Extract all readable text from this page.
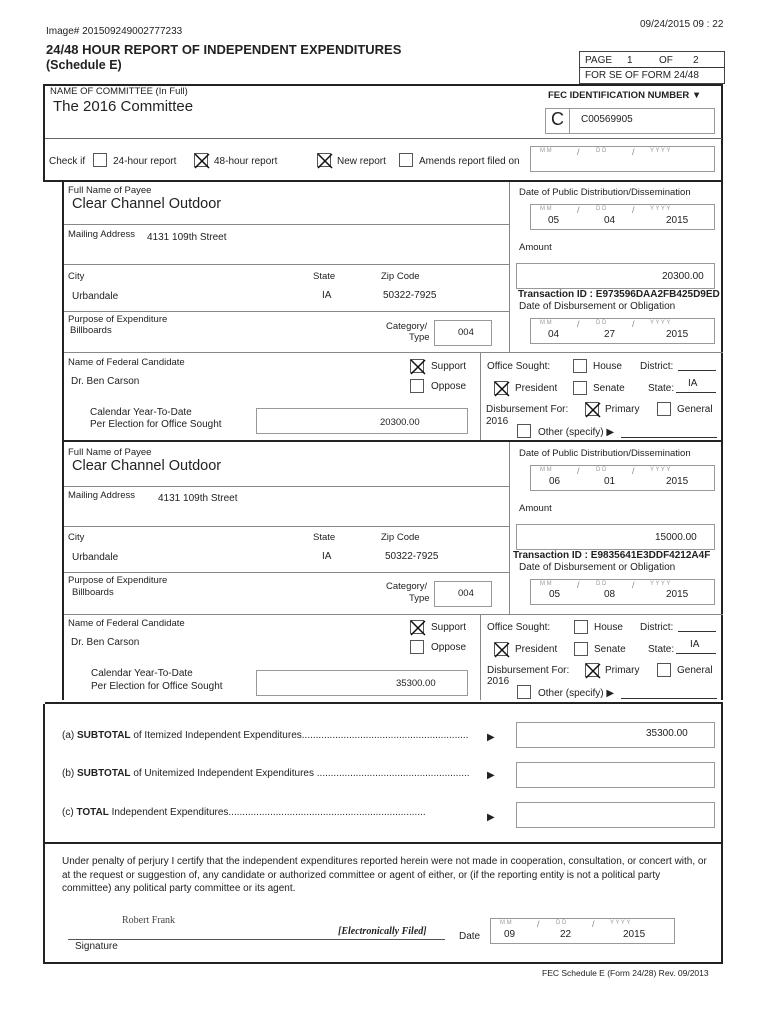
09/24/2015 09 : 22
Image# 201509249002777233
24/48 HOUR REPORT OF INDEPENDENT EXPENDITURES
(Schedule E)	PAGE 1	OF 2
FOR SE OF FORM 24/48
NAME OF COMMITTEE (In Full)
The 2016 Committee
FEC IDENTIFICATION NUMBER ▼
C C00569905
Check if	24-hour report	48-hour report	New report	Amends report filed on
M M	/	D D	/	Y Y Y Y
Full Name of Payee
Clear Channel Outdoor
Mailing Address 4131 109th Street
City	State	Zip Code
Urbandale	IA	50322-7925
Purpose of Expenditure
Billboards	Category/
Type	004
Name of Federal Candidate
Dr. Ben Carson
Support
Oppose
Office Sought:	House District:
President	Senate State: IA
Calendar Year-To-Date
Per Election for Office Sought	20300.00
Disbursement For:
2016
Primary	General
Other (specify) ▶
Date of Public Distribution/Dissemination
M M	/	D D	/	Y Y Y Y
05	04	2015
Amount
20300.00
Transaction ID : E973596DAA2FB425D9ED
Date of Disbursement or Obligation
M M	/	D D	/	Y Y Y Y
04	27	2015
Full Name of Payee
Clear Channel Outdoor
Mailing Address 4131 109th Street
City	State	Zip Code
Urbandale	IA	50322-7925
Purpose of Expenditure
Billboards
Category/
Type	004
Name of Federal Candidate
Dr. Ben Carson
Support
Oppose
Office Sought:	House District:
President	Senate State: IA
Calendar Year-To-Date
Per Election for Office Sought	35300.00
Disbursement For:
2016
Primary	General
Other (specify) ▶
Date of Public Distribution/Dissemination
M M	/	D D	/	Y Y Y Y
06	01	2015
Amount
15000.00
Transaction ID : E9835641E3DDF4212A4F
Date of Disbursement or Obligation
M M	/	D D	/	Y Y Y Y
05	08	2015
(a) SUBTOTAL of Itemized Independent Expenditures............................................................ ▶	35300.00
(b) SUBTOTAL of Unitemized Independent Expenditures ....................................................... ▶
(c) TOTAL Independent Expenditures.......................................................................	▶
Under penalty of perjury I certify that the independent expenditures reported herein were not made in cooperation, consultation, or concert with, or at the request or suggestion of, any candidate or authorized committee or agent of either, or (if the reporting entity is not a political party committee) any political party committee or its agent.
Robert Frank
[Electronically Filed]
Signature
Date
M M	/	D D	/	Y Y Y Y
09	22	2015
FEC Schedule E (Form 24/28) Rev. 09/2013
